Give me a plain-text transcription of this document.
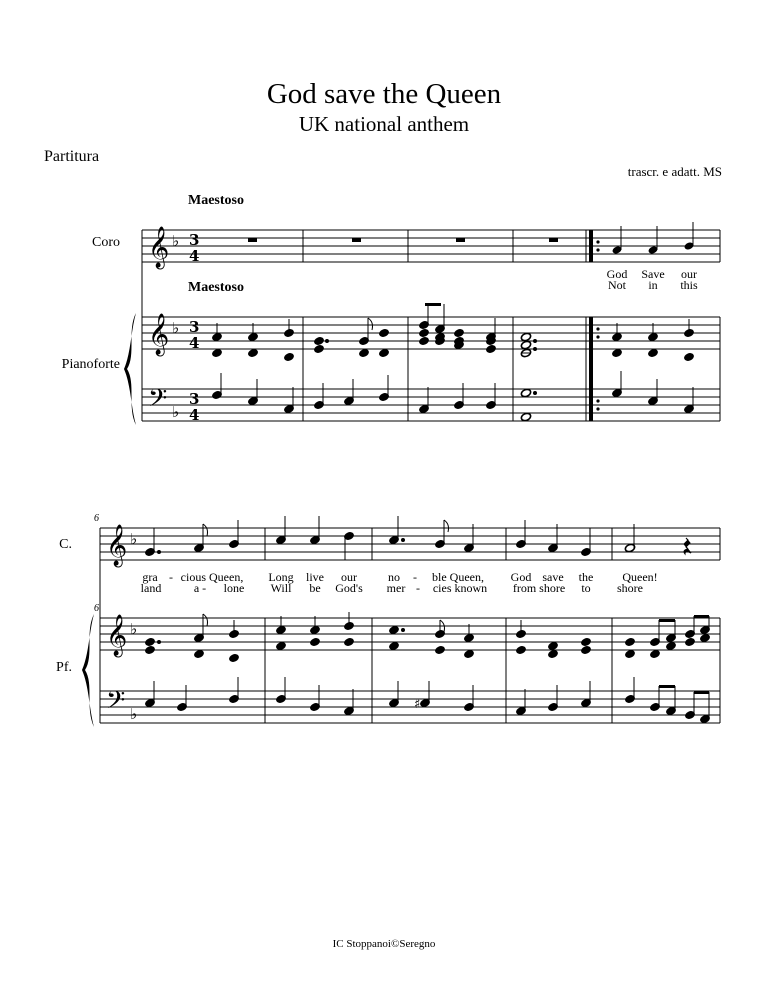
God save the Queen
UK national anthem
Partitura
trascr. e adatt. MS
Maestoso
Maestoso
Coro
Pianoforte
God Save our
Not in this
6
6
C.
Pf.
gra - cious Queen, Long live our	no - ble Queen, God save the Queen!
land	a - lone Will be God's mer - cies known from shore to shore
IC Stoppanoi©Seregno
𝄞
𝄞
𝄢
♭
♭
♭
3
4
3
4
3
4
𝄞
𝄞
𝄢
♭
♭
♭
♯
